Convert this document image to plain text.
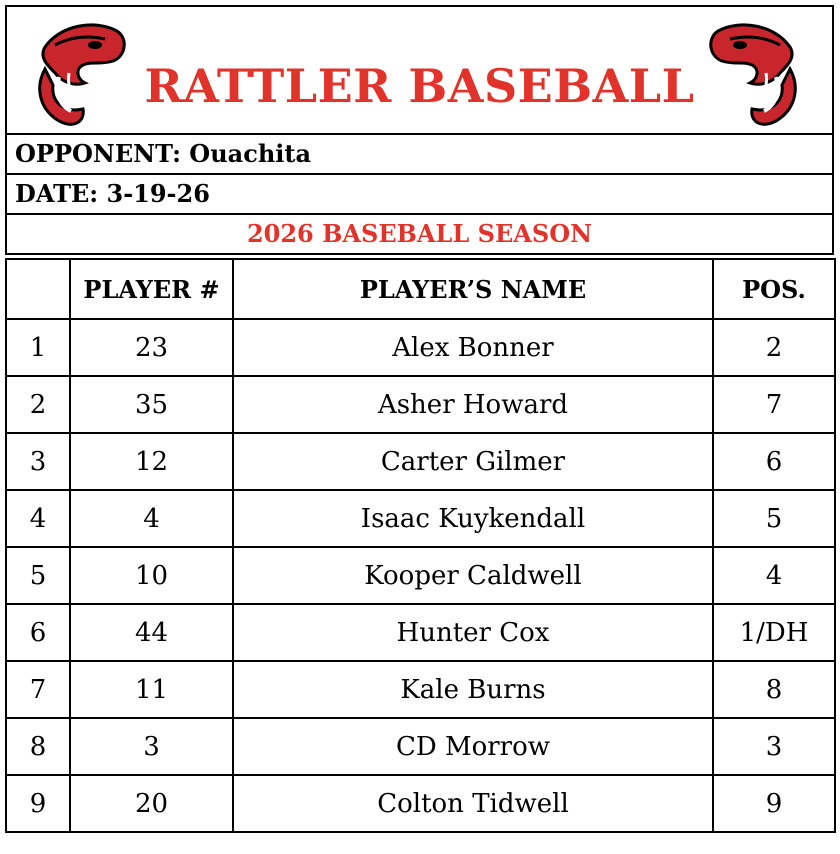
RATTLER BASEBALL
OPPONENT: Ouachita
DATE: 3-19-26
2026 BASEBALL SEASON
	PLAYER #	PLAYER’S NAME	POS.
1	23	Alex Bonner	2
2	35	Asher Howard	7
3	12	Carter Gilmer	6
4	4	Isaac Kuykendall	5
5	10	Kooper Caldwell	4
6	44	Hunter Cox	1/DH
7	11	Kale Burns	8
8	3	CD Morrow	3
9	20	Colton Tidwell	9
